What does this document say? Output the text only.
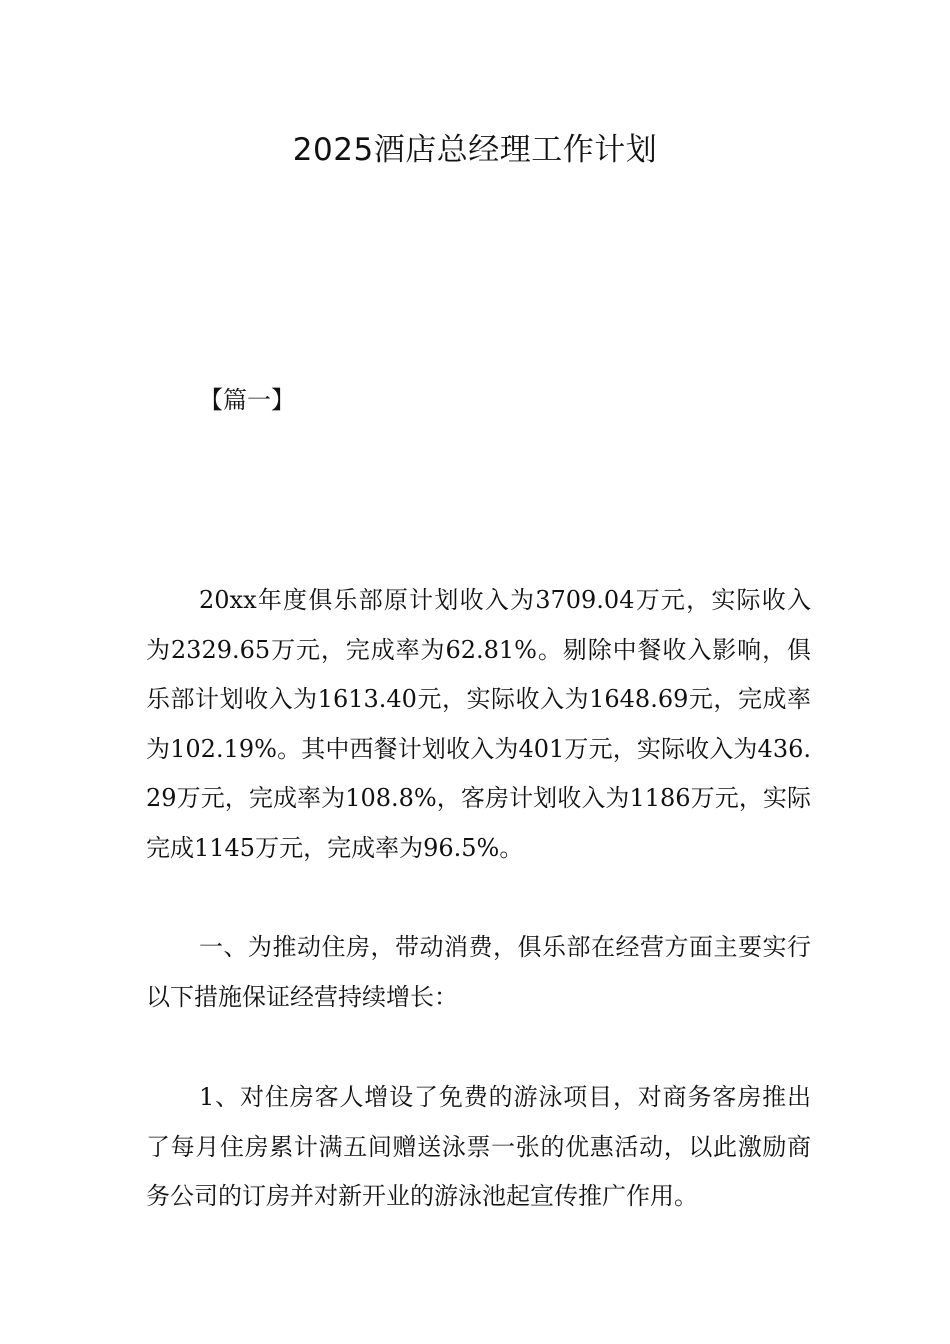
2025酒店总经理工作计划

【篇一】

20xx年度俱乐部原计划收入为3709.04万元，实际收入为2329.65万元，完成率为62.81%。剔除中餐收入影响，俱乐部计划收入为1613.40元，实际收入为1648.69元，完成率为102.19%。其中西餐计划收入为401万元，实际收入为436.29万元，完成率为108.8%，客房计划收入为1186万元，实际完成1145万元，完成率为96.5%。

一、为推动住房，带动消费，俱乐部在经营方面主要实行以下措施保证经营持续增长：

1、对住房客人增设了免费的游泳项目，对商务客房推出了每月住房累计满五间赠送泳票一张的优惠活动，以此激励商务公司的订房并对新开业的游泳池起宣传推广作用。
